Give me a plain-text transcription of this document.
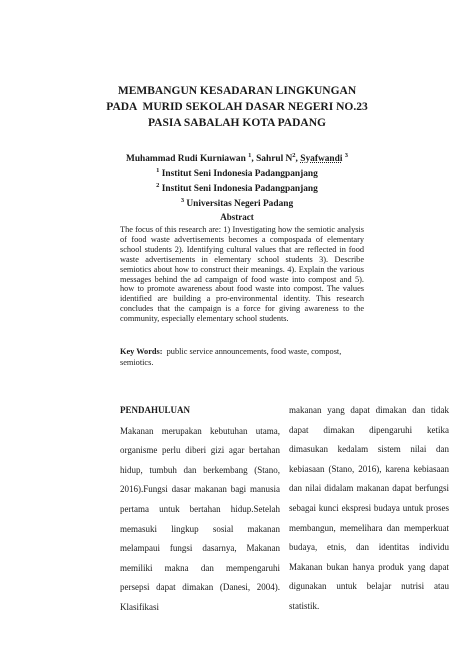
MEMBANGUN KESADARAN LINGKUNGAN
PADA  MURID SEKOLAH DASAR NEGERI NO.23
PASIA SABALAH KOTA PADANG
Muhammad Rudi Kurniawan $^1$, Sahrul $N^2$, Syafwandi $^3$
$^1$ Institut Seni Indonesia Padangpanjang
$^2$ Institut Seni Indonesia Padangpanjang
$^3$ Universitas Negeri Padang
Abstract

The focus of this research are: 1) Investigating how the semiotic analysis of food waste advertisements becomes a compospada of elementary school students 2). Identifying cultural values that are reflected in food waste advertisements in elementary school students 3). Describe semiotics about how to construct their meanings. 4). Explain the various messages behind the ad campaign of food waste into compost and 5). how to promote awareness about food waste into compost. The values identified are building a pro-environmental identity. This research concludes that the campaign is a force for giving awareness to the community, especially elementary school students.

Key Words: public service announcements, food waste, compost, semiotics.

PENDAHULUAN

Makanan merupakan kebutuhan utama, organisme perlu diberi gizi agar bertahan hidup, tumbuh dan berkembang (Stano, 2016).Fungsi dasar makanan bagi manusia pertama untuk bertahan hidup.Setelah memasuki lingkup sosial makanan melampaui fungsi dasarnya, Makanan memiliki makna dan mempengaruhi persepsi dapat dimakan (Danesi, 2004). Klasifikasi

makanan yang dapat dimakan dan tidak dapat dimakan dipengaruhi ketika dimasukan kedalam sistem nilai dan kebiasaan (Stano, 2016), karena kebiasaan dan nilai didalam makanan dapat berfungsi sebagai kunci ekspresi budaya untuk proses membangun, memelihara dan memperkuat budaya, etnis, dan identitas individu Makanan bukan hanya produk yang dapat digunakan untuk belajar nutrisi atau statistik.
